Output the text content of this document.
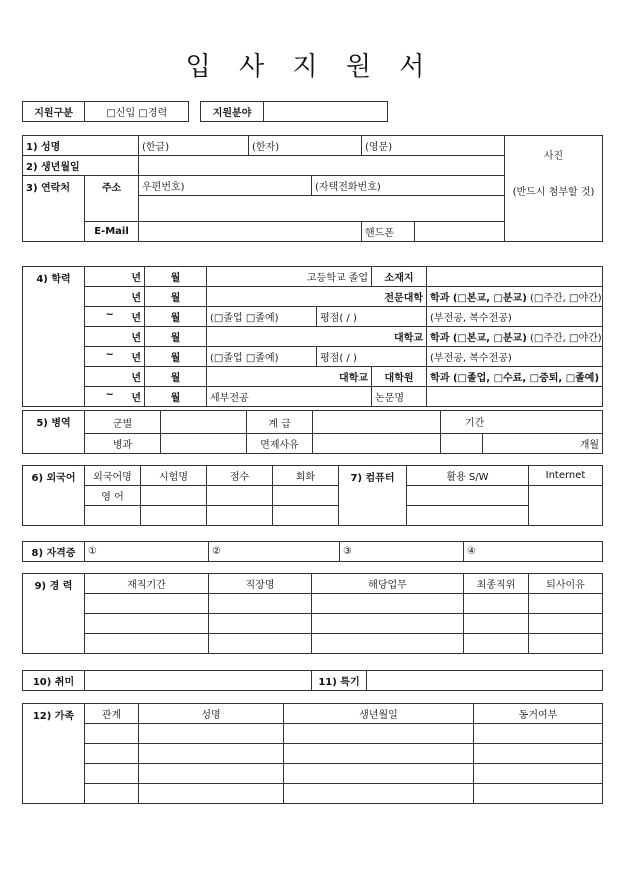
입 사 지 원 서
지원구분	□신입 □경력		지원분야	
1) 성명		(한글)	(한자)		(영문)		사진
(반드시 첨부할 것)
2) 생년월일							
3) 연락처	주소	우편번호)		(자택전화번호)			

	E-Mail				핸드폰		

4) 학력	년	월	고등학교 졸업		소재지	
	년	월	전문대학			학과 (□본교, □분교) (□주간, □야간)
	~ 년	월	(□졸업 □졸예)	평점( / )		(부전공, 복수전공)
	년	월	대학교			학과 (□본교, □분교) (□주간, □야간)
	~ 년	월	(□졸업 □졸예)	평점( / )		(부전공, 복수전공)
	년	월	대학교		대학원	학과 (□졸업, □수료, □중퇴, □졸예)
	~ 년	월	세부전공		논문명	
5) 병역	군별		계 급		기간	
	병과		면제사유			개월
6) 외국어	외국어명	시험명	점수	회화	7) 컴퓨터	활용 S/W	Internet
	영 어						

8) 자격증	①	②	③	④
9) 경 력	재직기간	직장명	해당업무	최종직위	퇴사이유

10) 취미		11) 특기	
12) 가족	관계	성명	생년월일	동거여부
